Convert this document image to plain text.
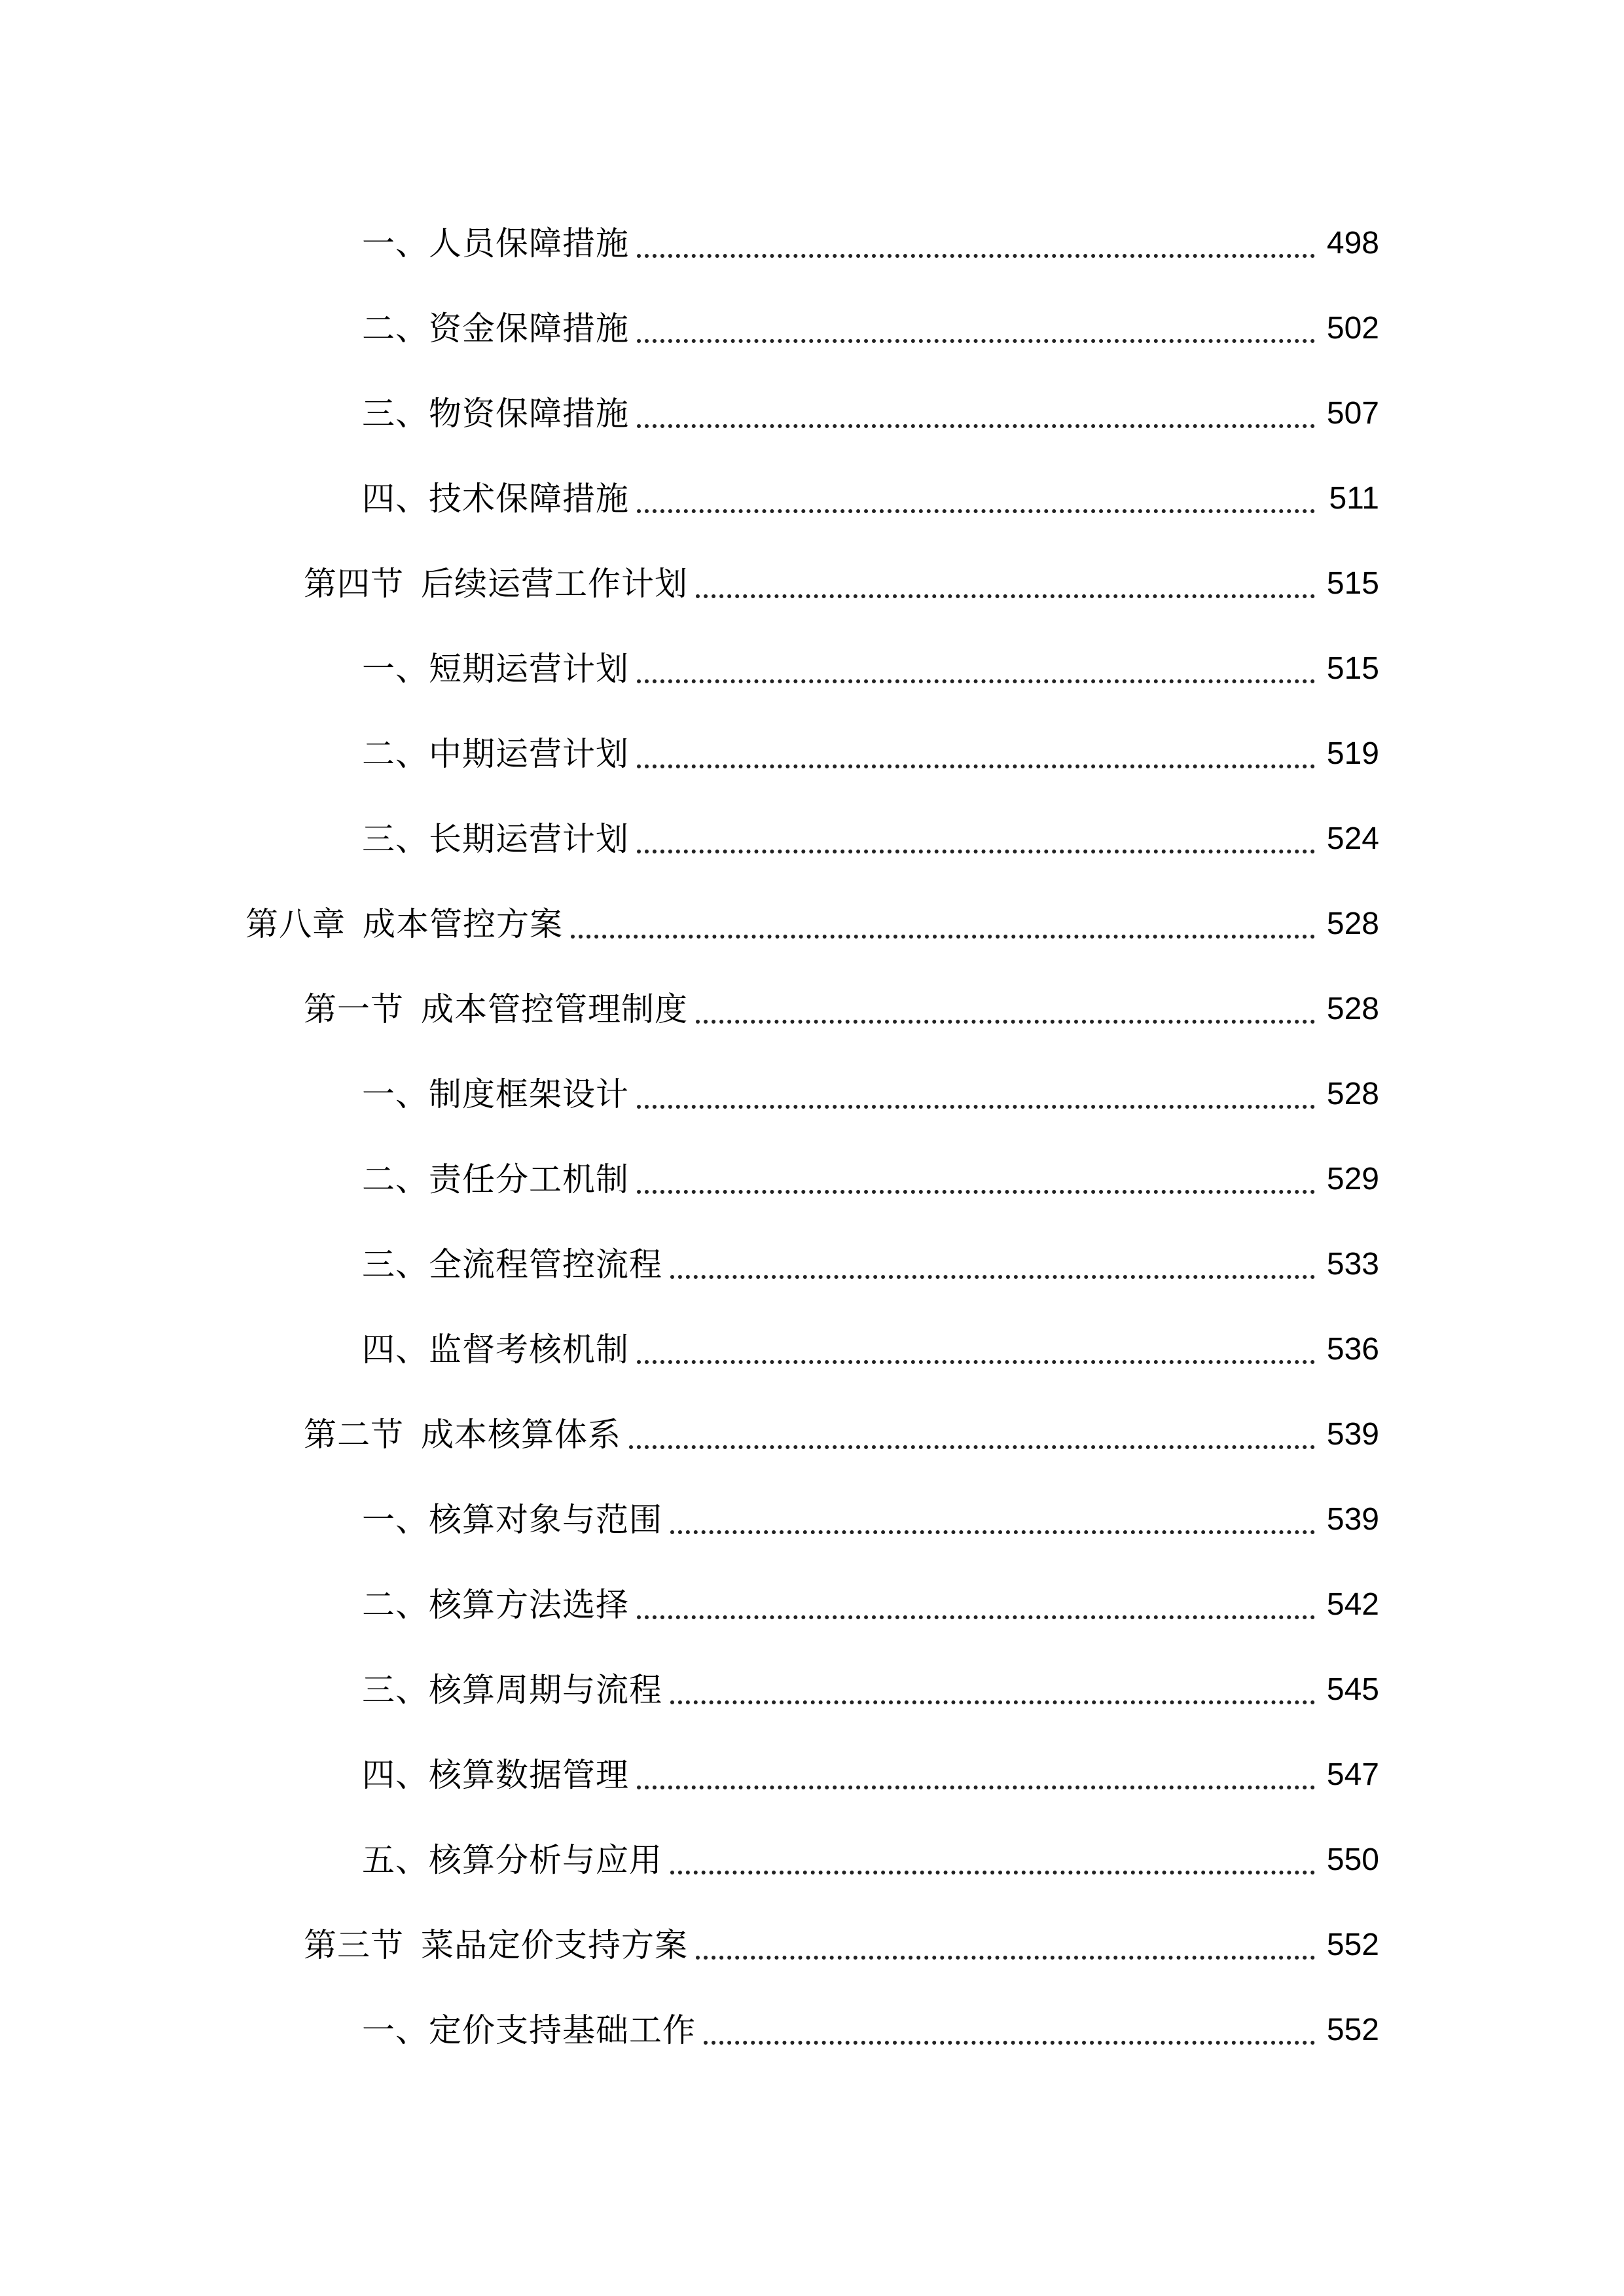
一、 人员保障措施	498
二、 资金保障措施	502
三、 物资保障措施	507
四、 技术保障措施	511
第四节 后续运营工作计划	515
一、 短期运营计划	515
二、 中期运营计划	519
三、 长期运营计划	524
第八章 成本管控方案	528
第一节 成本管控管理制度	528
一、 制度框架设计	528
二、 责任分工机制	529
三、 全流程管控流程	533
四、 监督考核机制	536
第二节 成本核算体系	539
一、 核算对象与范围	539
二、 核算方法选择	542
三、 核算周期与流程	545
四、 核算数据管理	547
五、 核算分析与应用	550
第三节 菜品定价支持方案	552
一、 定价支持基础工作	552
